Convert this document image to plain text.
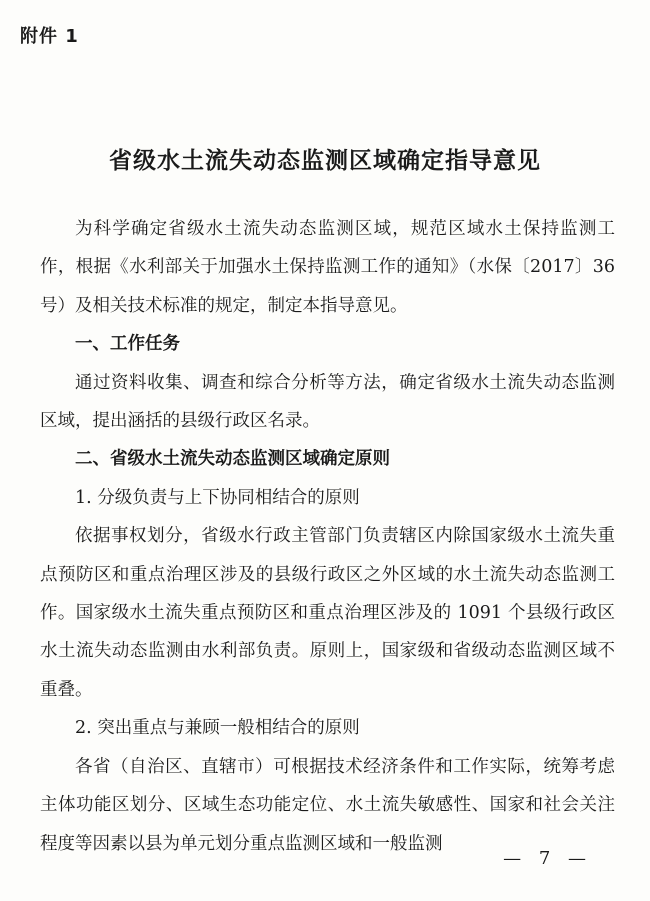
附件 1
省级水土流失动态监测区域确定指导意见

为科学确定省级水土流失动态监测区域，规范区域水土保持监测工作，根据《水利部关于加强水土保持监测工作的通知》（水保〔2017〕36 号）及相关技术标准的规定，制定本指导意见。

一、工作任务

通过资料收集、调查和综合分析等方法，确定省级水土流失动态监测区域，提出涵括的县级行政区名录。

二、省级水土流失动态监测区域确定原则

1. 分级负责与上下协同相结合的原则

依据事权划分，省级水行政主管部门负责辖区内除国家级水土流失重点预防区和重点治理区涉及的县级行政区之外区域的水土流失动态监测工作。国家级水土流失重点预防区和重点治理区涉及的 1091 个县级行政区水土流失动态监测由水利部负责。原则上，国家级和省级动态监测区域不重叠。

2. 突出重点与兼顾一般相结合的原则

各省（自治区、直辖市）可根据技术经济条件和工作实际，统筹考虑主体功能区划分、区域生态功能定位、水土流失敏感性、国家和社会关注程度等因素以县为单元划分重点监测区域和一般监测

— 7 —
